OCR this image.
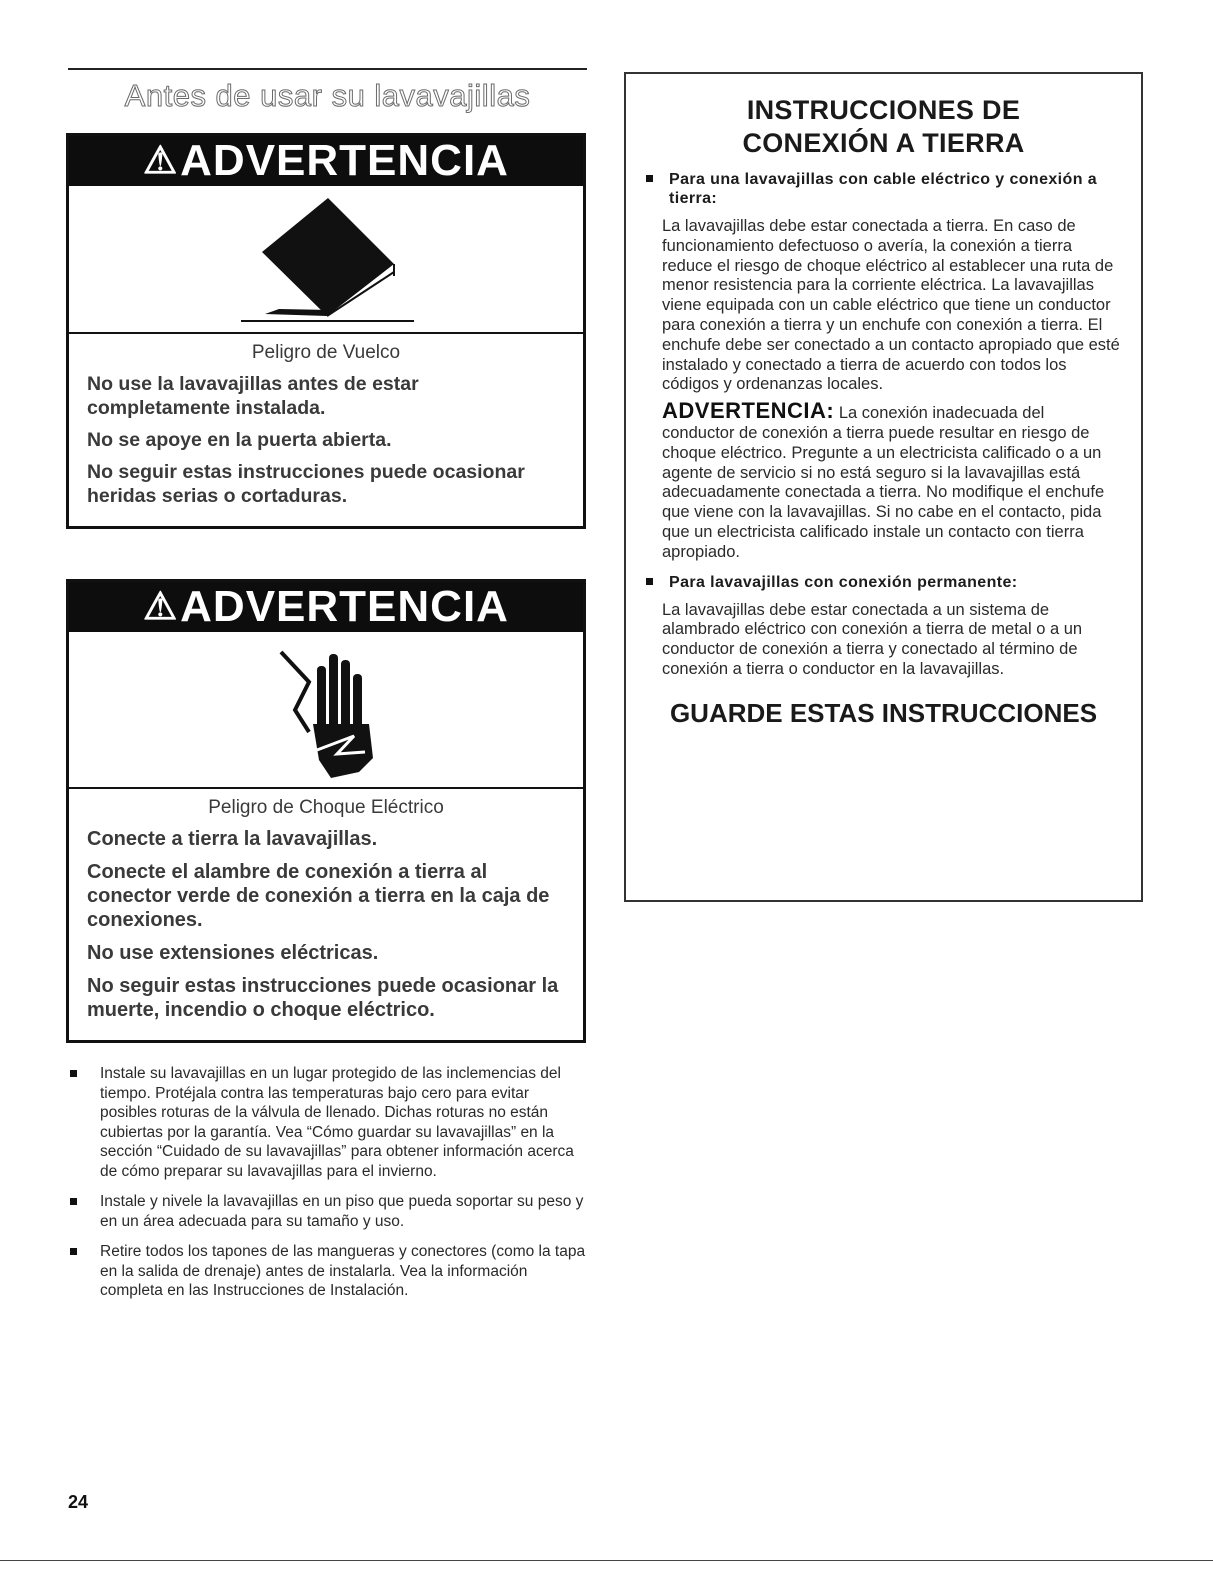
Antes de usar su lavavajillas
⚠ADVERTENCIA
Peligro de Vuelco
No use la lavavajillas antes de estar completamente instalada.
No se apoye en la puerta abierta.
No seguir estas instrucciones puede ocasionar heridas serias o cortaduras.
⚠ADVERTENCIA
Peligro de Choque Eléctrico
Conecte a tierra la lavavajillas.
Conecte el alambre de conexión a tierra al conector verde de conexión a tierra en la caja de conexiones.
No use extensiones eléctricas.
No seguir estas instrucciones puede ocasionar la muerte, incendio o choque eléctrico.
Instale su lavavajillas en un lugar protegido de las inclemencias del tiempo. Protéjala contra las temperaturas bajo cero para evitar posibles roturas de la válvula de llenado. Dichas roturas no están cubiertas por la garantía. Vea “Cómo guardar su lavavajillas” en la sección “Cuidado de su lavavajillas” para obtener información acerca de cómo preparar su lavavajillas para el invierno.
Instale y nivele la lavavajillas en un piso que pueda soportar su peso y en un área adecuada para su tamaño y uso.
Retire todos los tapones de las mangueras y conectores (como la tapa en la salida de drenaje) antes de instalarla. Vea la información completa en las Instrucciones de Instalación.
INSTRUCCIONES DE
CONEXIÓN A TIERRA
Para una lavavajillas con cable eléctrico y conexión a tierra:
La lavavajillas debe estar conectada a tierra. En caso de funcionamiento defectuoso o avería, la conexión a tierra reduce el riesgo de choque eléctrico al establecer una ruta de menor resistencia para la corriente eléctrica. La lavavajillas viene equipada con un cable eléctrico que tiene un conductor para conexión a tierra y un enchufe con conexión a tierra. El enchufe debe ser conectado a un contacto apropiado que esté instalado y conectado a tierra de acuerdo con todos los códigos y ordenanzas locales.
ADVERTENCIA: La conexión inadecuada del conductor de conexión a tierra puede resultar en riesgo de choque eléctrico. Pregunte a un electricista calificado o a un agente de servicio si no está seguro si la lavavajillas está adecuadamente conectada a tierra. No modifique el enchufe que viene con la lavavajillas. Si no cabe en el contacto, pida que un electricista calificado instale un contacto con tierra apropiado.
Para lavavajillas con conexión permanente:
La lavavajillas debe estar conectada a un sistema de alambrado eléctrico con conexión a tierra de metal o a un conductor de conexión a tierra y conectado al término de conexión a tierra o conductor en la lavavajillas.
GUARDE ESTAS INSTRUCCIONES
24
